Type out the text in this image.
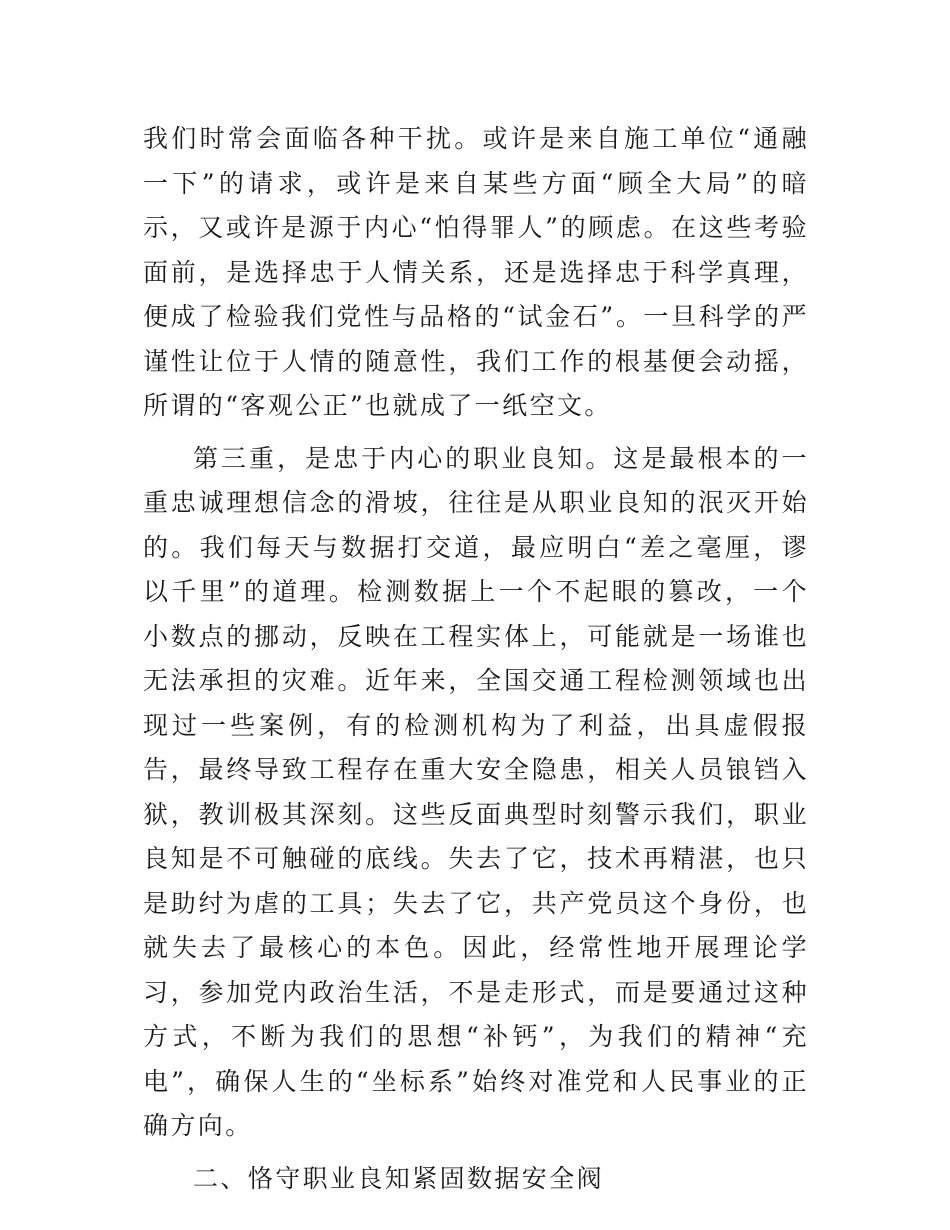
我们时常会面临各种干扰。或许是来自施工单位“通融一下”的请求，或许是来自某些方面“顾全大局”的暗示，又或许是源于内心“怕得罪人”的顾虑。在这些考验面前，是选择忠于人情关系，还是选择忠于科学真理，便成了检验我们党性与品格的“试金石”。一旦科学的严谨性让位于人情的随意性，我们工作的根基便会动摇，所谓的“客观公正”也就成了一纸空文。

第三重，是忠于内心的职业良知。这是最根本的一重忠诚理想信念的滑坡，往往是从职业良知的泯灭开始的。我们每天与数据打交道，最应明白“差之毫厘，谬以千里”的道理。检测数据上一个不起眼的篡改，一个小数点的挪动，反映在工程实体上，可能就是一场谁也无法承担的灾难。近年来，全国交通工程检测领域也出现过一些案例，有的检测机构为了利益，出具虚假报告，最终导致工程存在重大安全隐患，相关人员锒铛入狱，教训极其深刻。这些反面典型时刻警示我们，职业良知是不可触碰的底线。失去了它，技术再精湛，也只是助纣为虐的工具；失去了它，共产党员这个身份，也就失去了最核心的本色。因此，经常性地开展理论学习，参加党内政治生活，不是走形式，而是要通过这种方式，不断为我们的思想“补钙”，为我们的精神“充电”，确保人生的“坐标系”始终对准党和人民事业的正确方向。

二、恪守职业良知紧固数据安全阀
